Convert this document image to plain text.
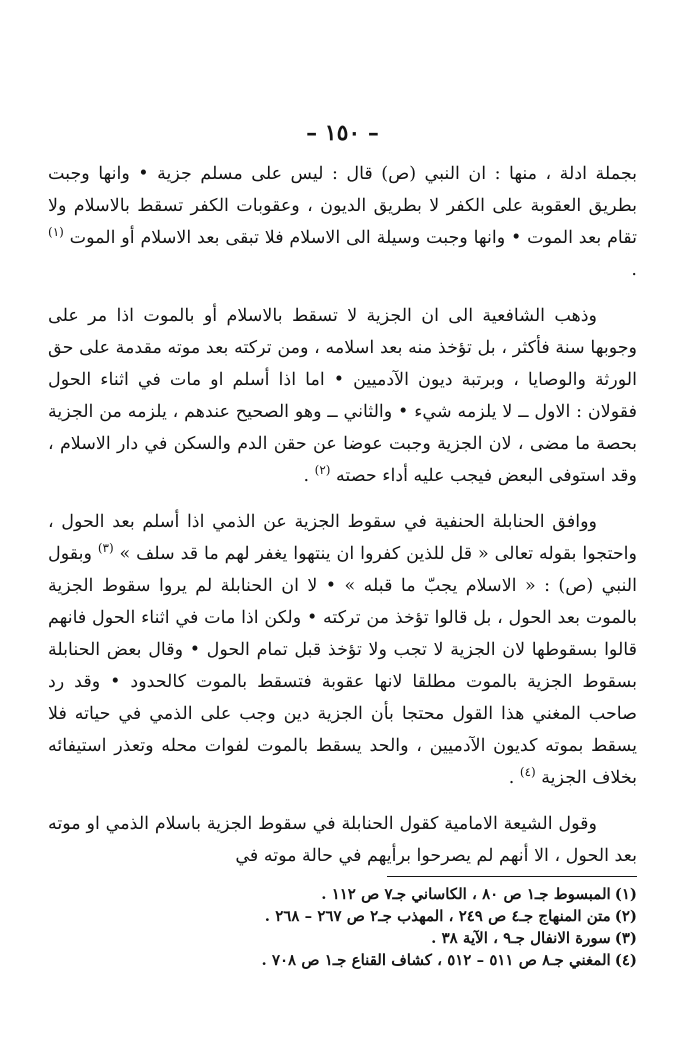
– ١٥٠ –

بجملة ادلة ، منها : ان النبي (ص) قال : ليس على مسلم جزية • وانها وجبت بطريق العقوبة على الكفر لا بطريق الديون ، وعقوبات الكفر تسقط بالاسلام ولا تقام بعد الموت • وانها وجبت وسيلة الى الاسلام فلا تبقى بعد الاسلام أو الموت $^{(١)}$ .

وذهب الشافعية الى ان الجزية لا تسقط بالاسلام أو بالموت اذا مر على وجوبها سنة فأكثر ، بل تؤخذ منه بعد اسلامه ، ومن تركته بعد موته مقدمة على حق الورثة والوصايا ، وبرتبة ديون الآدميين • اما اذا أسلم او مات في اثناء الحول فقولان : الاول ــ لا يلزمه شيء • والثاني ــ وهو الصحيح عندهم ، يلزمه من الجزية بحصة ما مضى ، لان الجزية وجبت عوضا عن حقن الدم والسكن في دار الاسلام ، وقد استوفى البعض فيجب عليه أداء حصته $^{(٢)}$ .

ووافق الحنابلة الحنفية في سقوط الجزية عن الذمي اذا أسلم بعد الحول ، واحتجوا بقوله تعالى « قل للذين كفروا ان ينتهوا يغفر لهم ما قد سلف » $^{(٣)}$ وبقول النبي (ص) : « الاسلام يجبّ ما قبله » • لا ان الحنابلة لم يروا سقوط الجزية بالموت بعد الحول ، بل قالوا تؤخذ من تركته • ولكن اذا مات في اثناء الحول فانهم قالوا بسقوطها لان الجزية لا تجب ولا تؤخذ قبل تمام الحول • وقال بعض الحنابلة بسقوط الجزية بالموت مطلقا لانها عقوبة فتسقط بالموت كالحدود • وقد رد صاحب المغني هذا القول محتجا بأن الجزية دين وجب على الذمي في حياته فلا يسقط بموته كديون الآدميين ، والحد يسقط بالموت لفوات محله وتعذر استيفائه بخلاف الجزية $^{(٤)}$ .

وقول الشيعة الامامية كقول الحنابلة في سقوط الجزية باسلام الذمي او موته بعد الحول ، الا أنهم لم يصرحوا برأيهم في حالة موته في

(١)المبسوط جـ١ ص ٨٠ ، الكاساني جـ٧ ص ١١٢ .
(٢)متن المنهاج جـ٤ ص ٢٤٩ ، المهذب جـ٢ ص ٢٦٧ – ٢٦٨ .
(٣)سورة الانفال جـ٩ ، الآية ٣٨ .
(٤)المغني جـ٨ ص ٥١١ – ٥١٢ ، كشاف القناع جـ١ ص ٧٠٨ .
